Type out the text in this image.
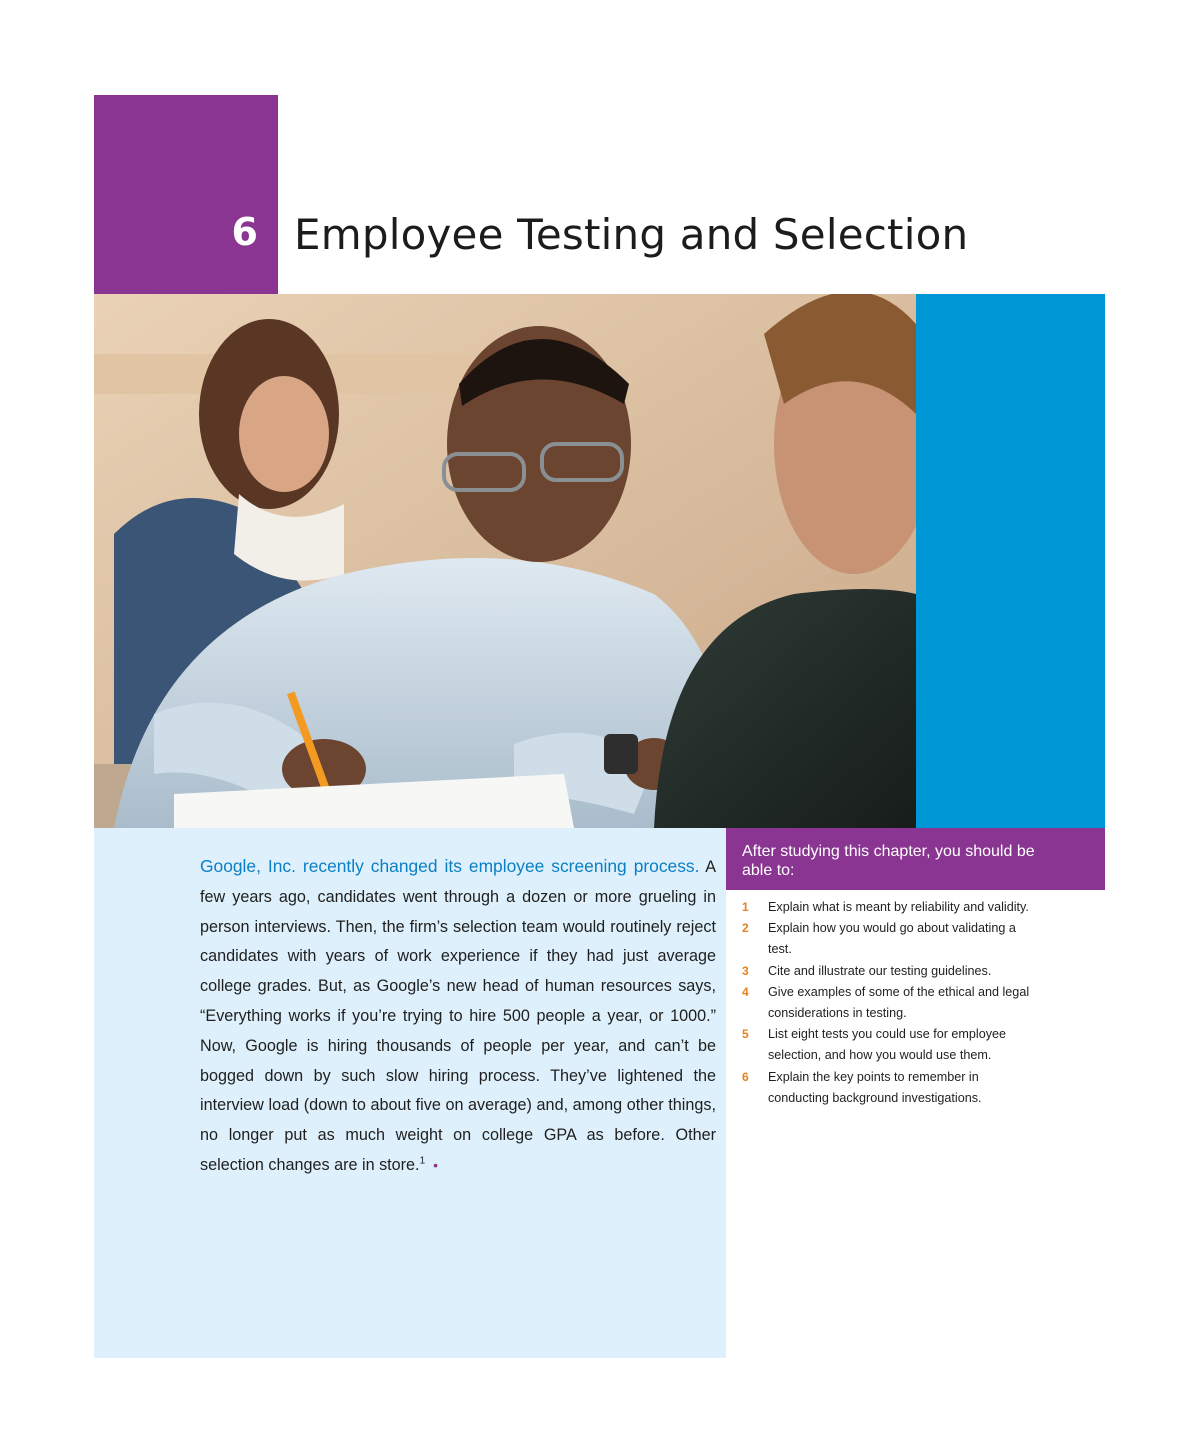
6 Employee Testing and Selection
Google, Inc. recently changed its employee screening process. A few years ago, candidates went through a dozen or more grueling in person interviews. Then, the firm’s selection team would routinely reject candidates with years of work experience if they had just average college grades. But, as Google’s new head of human resources says, “Everything works if you’re trying to hire 500 people a year, or 1000.” Now, Google is hiring thousands of people per year, and can’t be bogged down by such slow hiring process. They’ve lightened the interview load (down to about five on average) and, among other things, no longer put as much weight on college GPA as before. Other selection changes are in store.$^1$ •
After studying this chapter, you should be able to:
1 Explain what is meant by reliability and validity.
2 Explain how you would go about validating a test.
3 Cite and illustrate our testing guidelines.
4 Give examples of some of the ethical and legal considerations in testing.
5 List eight tests you could use for employee selection, and how you would use them.
6 Explain the key points to remember in conducting background investigations.
